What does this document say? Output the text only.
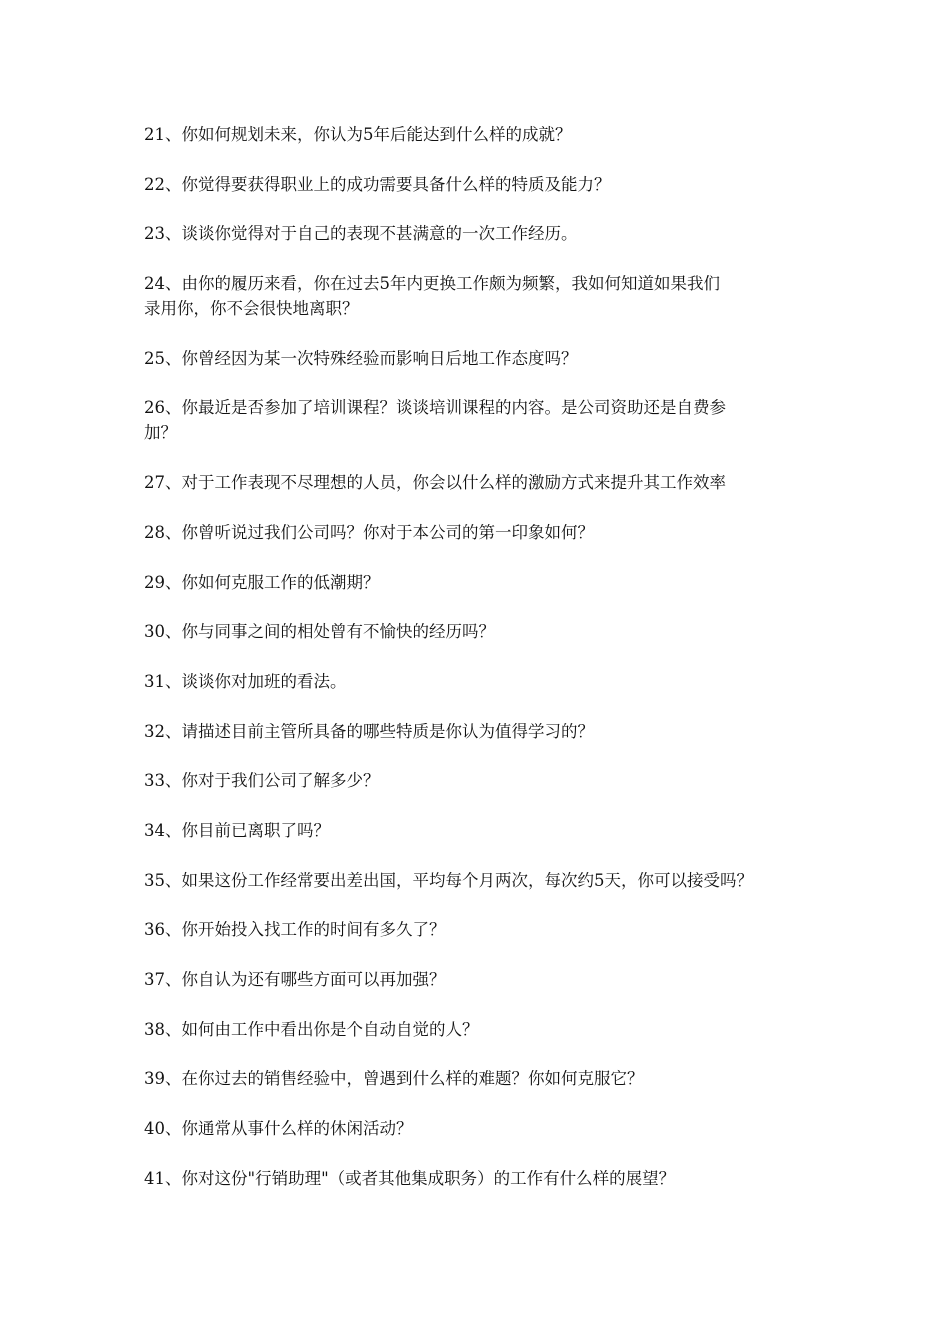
21、你如何规划未来，你认为5年后能达到什么样的成就？
22、你觉得要获得职业上的成功需要具备什么样的特质及能力？
23、谈谈你觉得对于自己的表现不甚满意的一次工作经历。
24、由你的履历来看，你在过去5年内更换工作颇为频繁，我如何知道如果我们
录用你，你不会很快地离职？
25、你曾经因为某一次特殊经验而影响日后地工作态度吗？
26、你最近是否参加了培训课程？谈谈培训课程的内容。是公司资助还是自费参
加？
27、对于工作表现不尽理想的人员，你会以什么样的激励方式来提升其工作效率
28、你曾听说过我们公司吗？你对于本公司的第一印象如何？
29、你如何克服工作的低潮期？
30、你与同事之间的相处曾有不愉快的经历吗？
31、谈谈你对加班的看法。
32、请描述目前主管所具备的哪些特质是你认为值得学习的？
33、你对于我们公司了解多少？
34、你目前已离职了吗？
35、如果这份工作经常要出差出国，平均每个月两次，每次约5天，你可以接受吗？
36、你开始投入找工作的时间有多久了？
37、你自认为还有哪些方面可以再加强？
38、如何由工作中看出你是个自动自觉的人？
39、在你过去的销售经验中，曾遇到什么样的难题？你如何克服它？
40、你通常从事什么样的休闲活动？
41、你对这份"行销助理"（或者其他集成职务）的工作有什么样的展望？
